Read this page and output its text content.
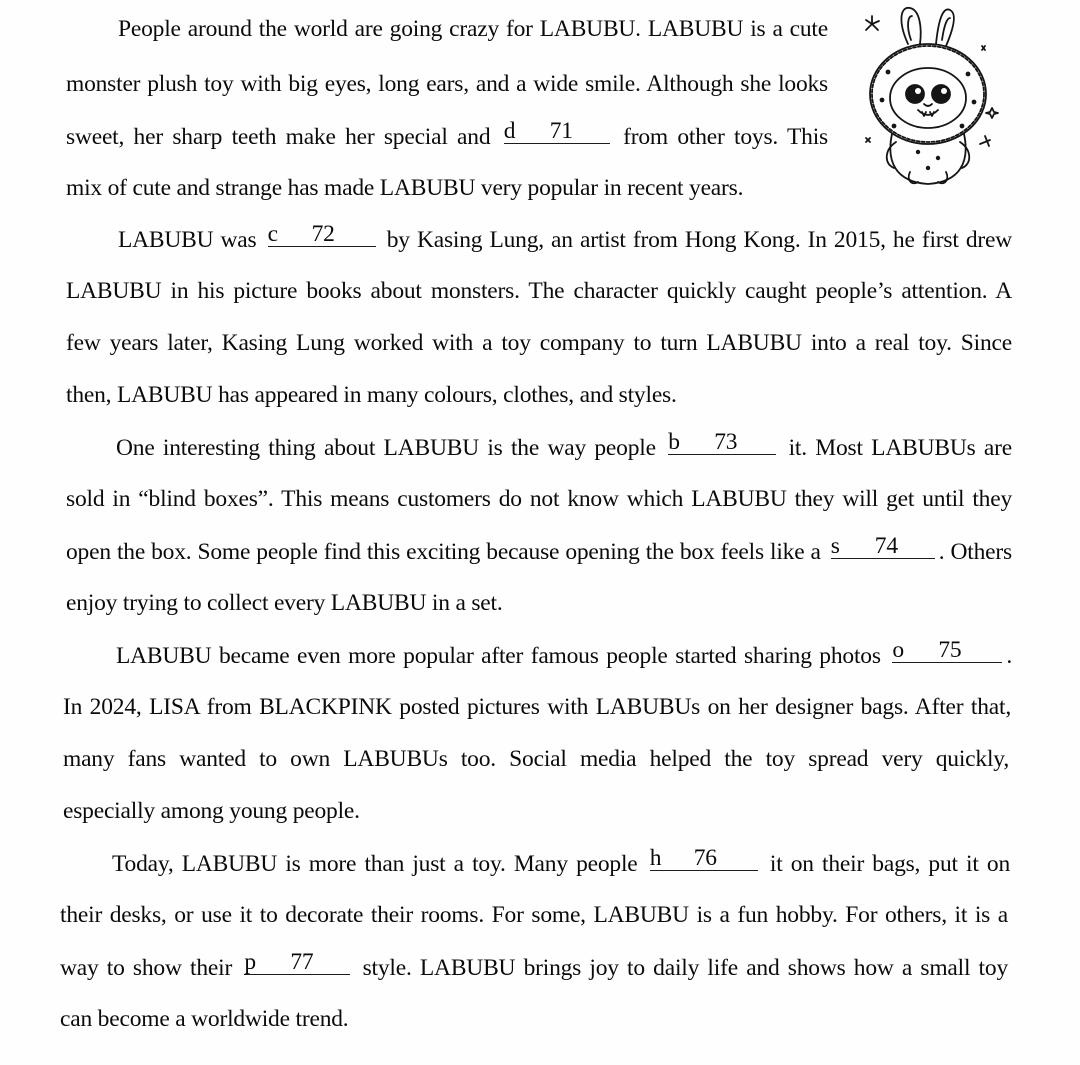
People around the world are going crazy for LABUBU. LABUBU is a cute
monster plush toy with big eyes, long ears, and a wide smile. Although she looks
sweet, her sharp teeth make her special and d 71 from other toys. This
mix of cute and strange has made LABUBU very popular in recent years.
LABUBU was c 72 by Kasing Lung, an artist from Hong Kong. In 2015, he first drew
LABUBU in his picture books about monsters. The character quickly caught people’s attention. A
few years later, Kasing Lung worked with a toy company to turn LABUBU into a real toy. Since
then, LABUBU has appeared in many colours, clothes, and styles.
One interesting thing about LABUBU is the way people b 73 it. Most LABUBUs are
sold in “blind boxes”. This means customers do not know which LABUBU they will get until they
open the box. Some people find this exciting because opening the box feels like a s 74 . Others
enjoy trying to collect every LABUBU in a set.
LABUBU became even more popular after famous people started sharing photos o 75 .
In 2024, LISA from BLACKPINK posted pictures with LABUBUs on her designer bags. After that,
many fans wanted to own LABUBUs too. Social media helped the toy spread very quickly,
especially among young people.
Today, LABUBU is more than just a toy. Many people h 76 it on their bags, put it on
their desks, or use it to decorate their rooms. For some, LABUBU is a fun hobby. For others, it is a
way to show their p 77 style. LABUBU brings joy to daily life and shows how a small toy
can become a worldwide trend.
